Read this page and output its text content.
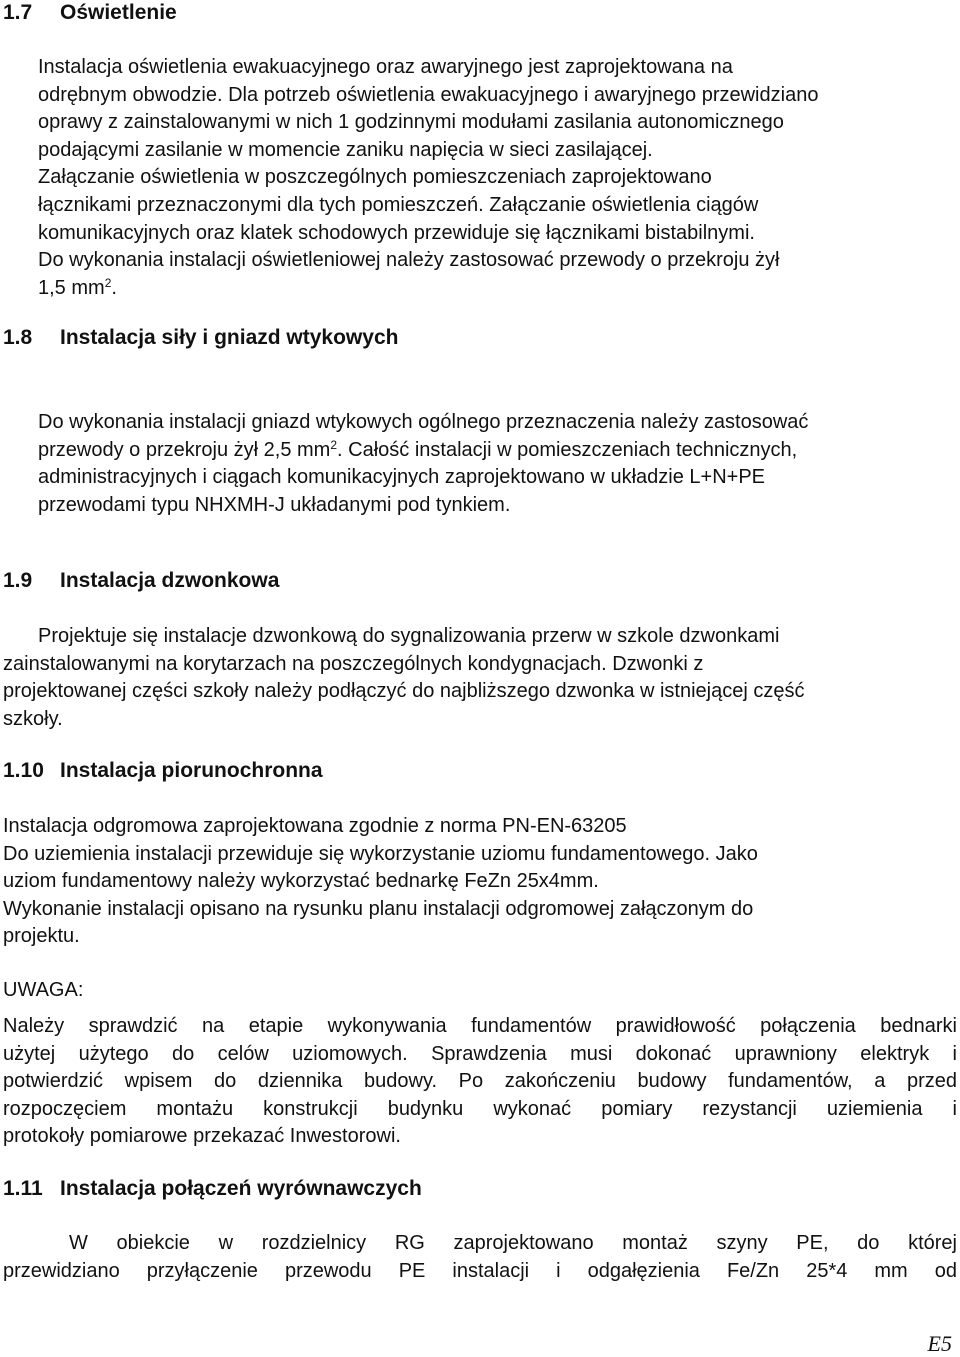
1.7 Oświetlenie
Instalacja oświetlenia ewakuacyjnego oraz awaryjnego jest zaprojektowana na
odrębnym obwodzie. Dla potrzeb oświetlenia ewakuacyjnego i awaryjnego przewidziano
oprawy z zainstalowanymi w nich 1 godzinnymi modułami zasilania autonomicznego
podającymi zasilanie w momencie zaniku napięcia w sieci zasilającej.
Załączanie oświetlenia w poszczególnych pomieszczeniach zaprojektowano
łącznikami przeznaczonymi dla tych pomieszczeń. Załączanie oświetlenia ciągów
komunikacyjnych oraz klatek schodowych przewiduje się łącznikami bistabilnymi.
Do wykonania instalacji oświetleniowej należy zastosować przewody o przekroju żył
1,5 $mm^2$.
1.8 Instalacja siły i gniazd wtykowych
Do wykonania instalacji gniazd wtykowych ogólnego przeznaczenia należy zastosować
przewody o przekroju żył 2,5 $mm^2$. Całość instalacji w pomieszczeniach technicznych,
administracyjnych i ciągach komunikacyjnych zaprojektowano w układzie L+N+PE
przewodami typu NHXMH-J układanymi pod tynkiem.
1.9 Instalacja dzwonkowa
Projektuje się instalacje dzwonkową do sygnalizowania przerw w szkole dzwonkami
zainstalowanymi na korytarzach na poszczególnych kondygnacjach. Dzwonki z
projektowanej części szkoły należy podłączyć do najbliższego dzwonka w istniejącej część
szkoły.
1.10 Instalacja piorunochronna
Instalacja odgromowa zaprojektowana zgodnie z norma PN-EN-63205
Do uziemienia instalacji przewiduje się wykorzystanie uziomu fundamentowego. Jako
uziom fundamentowy należy wykorzystać bednarkę FeZn 25x4mm.
Wykonanie instalacji opisano na rysunku planu instalacji odgromowej załączonym do
projektu.
UWAGA:
Należy sprawdzić na etapie wykonywania fundamentów prawidłowość połączenia bednarki
użytej użytego do celów uziomowych. Sprawdzenia musi dokonać uprawniony elektryk i
potwierdzić wpisem do dziennika budowy. Po zakończeniu budowy fundamentów, a przed
rozpoczęciem montażu konstrukcji budynku wykonać pomiary rezystancji uziemienia i
protokoły pomiarowe przekazać Inwestorowi.
1.11 Instalacja połączeń wyrównawczych
W obiekcie w rozdzielnicy RG zaprojektowano montaż szyny PE, do której
przewidziano przyłączenie przewodu PE instalacji i odgałęzienia Fe/Zn 25*4 mm od
E5
